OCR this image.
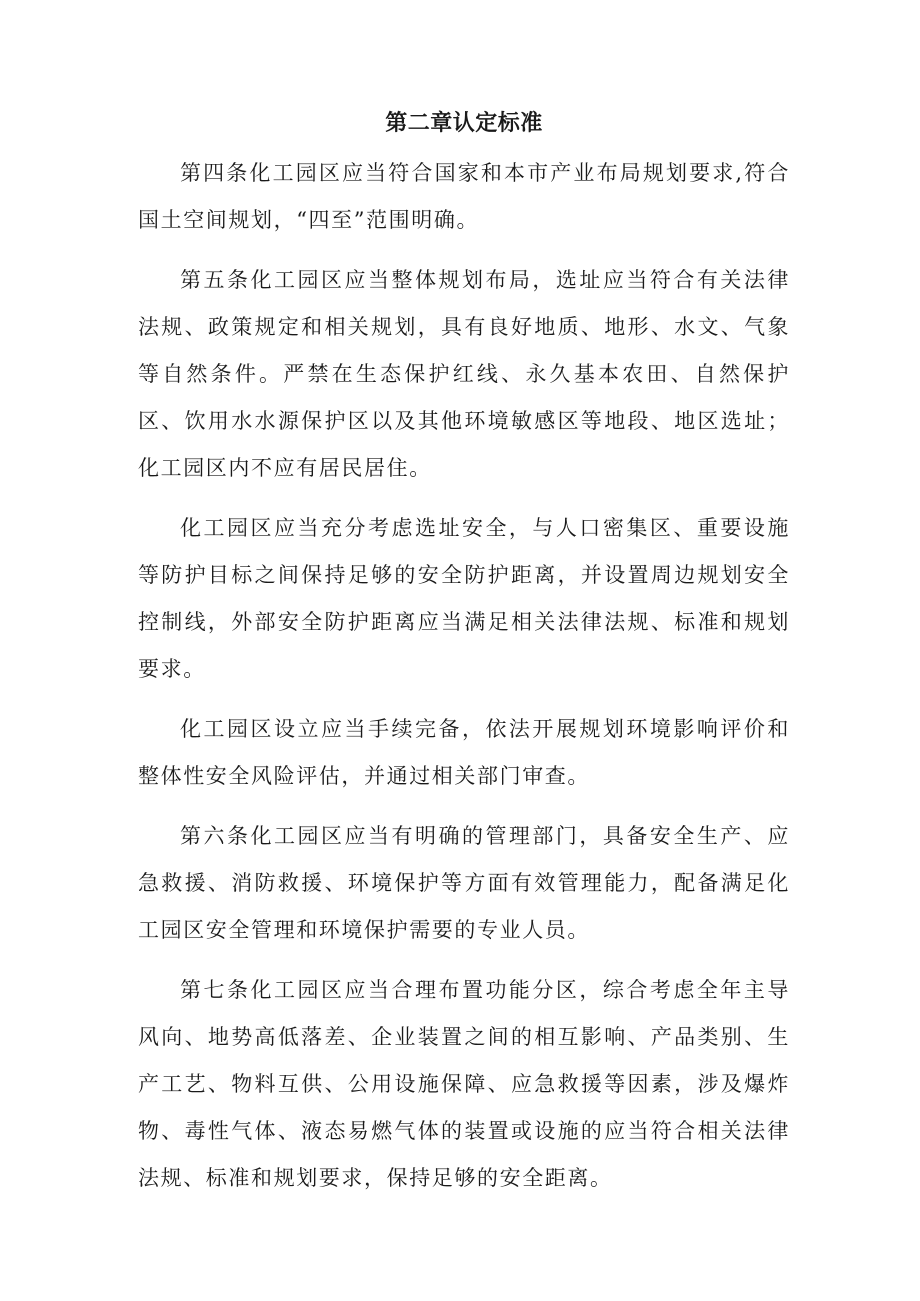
第二章认定标准

第四条化工园区应当符合国家和本市产业布局规划要求,符合国土空间规划，“四至”范围明确。

第五条化工园区应当整体规划布局，选址应当符合有关法律法规、政策规定和相关规划，具有良好地质、地形、水文、气象等自然条件。严禁在生态保护红线、永久基本农田、自然保护区、饮用水水源保护区以及其他环境敏感区等地段、地区选址；化工园区内不应有居民居住。

化工园区应当充分考虑选址安全，与人口密集区、重要设施等防护目标之间保持足够的安全防护距离，并设置周边规划安全控制线，外部安全防护距离应当满足相关法律法规、标准和规划要求。

化工园区设立应当手续完备，依法开展规划环境影响评价和整体性安全风险评估，并通过相关部门审查。

第六条化工园区应当有明确的管理部门，具备安全生产、应急救援、消防救援、环境保护等方面有效管理能力，配备满足化工园区安全管理和环境保护需要的专业人员。

第七条化工园区应当合理布置功能分区，综合考虑全年主导风向、地势高低落差、企业装置之间的相互影响、产品类别、生产工艺、物料互供、公用设施保障、应急救援等因素，涉及爆炸物、毒性气体、液态易燃气体的装置或设施的应当符合相关法律法规、标准和规划要求，保持足够的安全距离。
